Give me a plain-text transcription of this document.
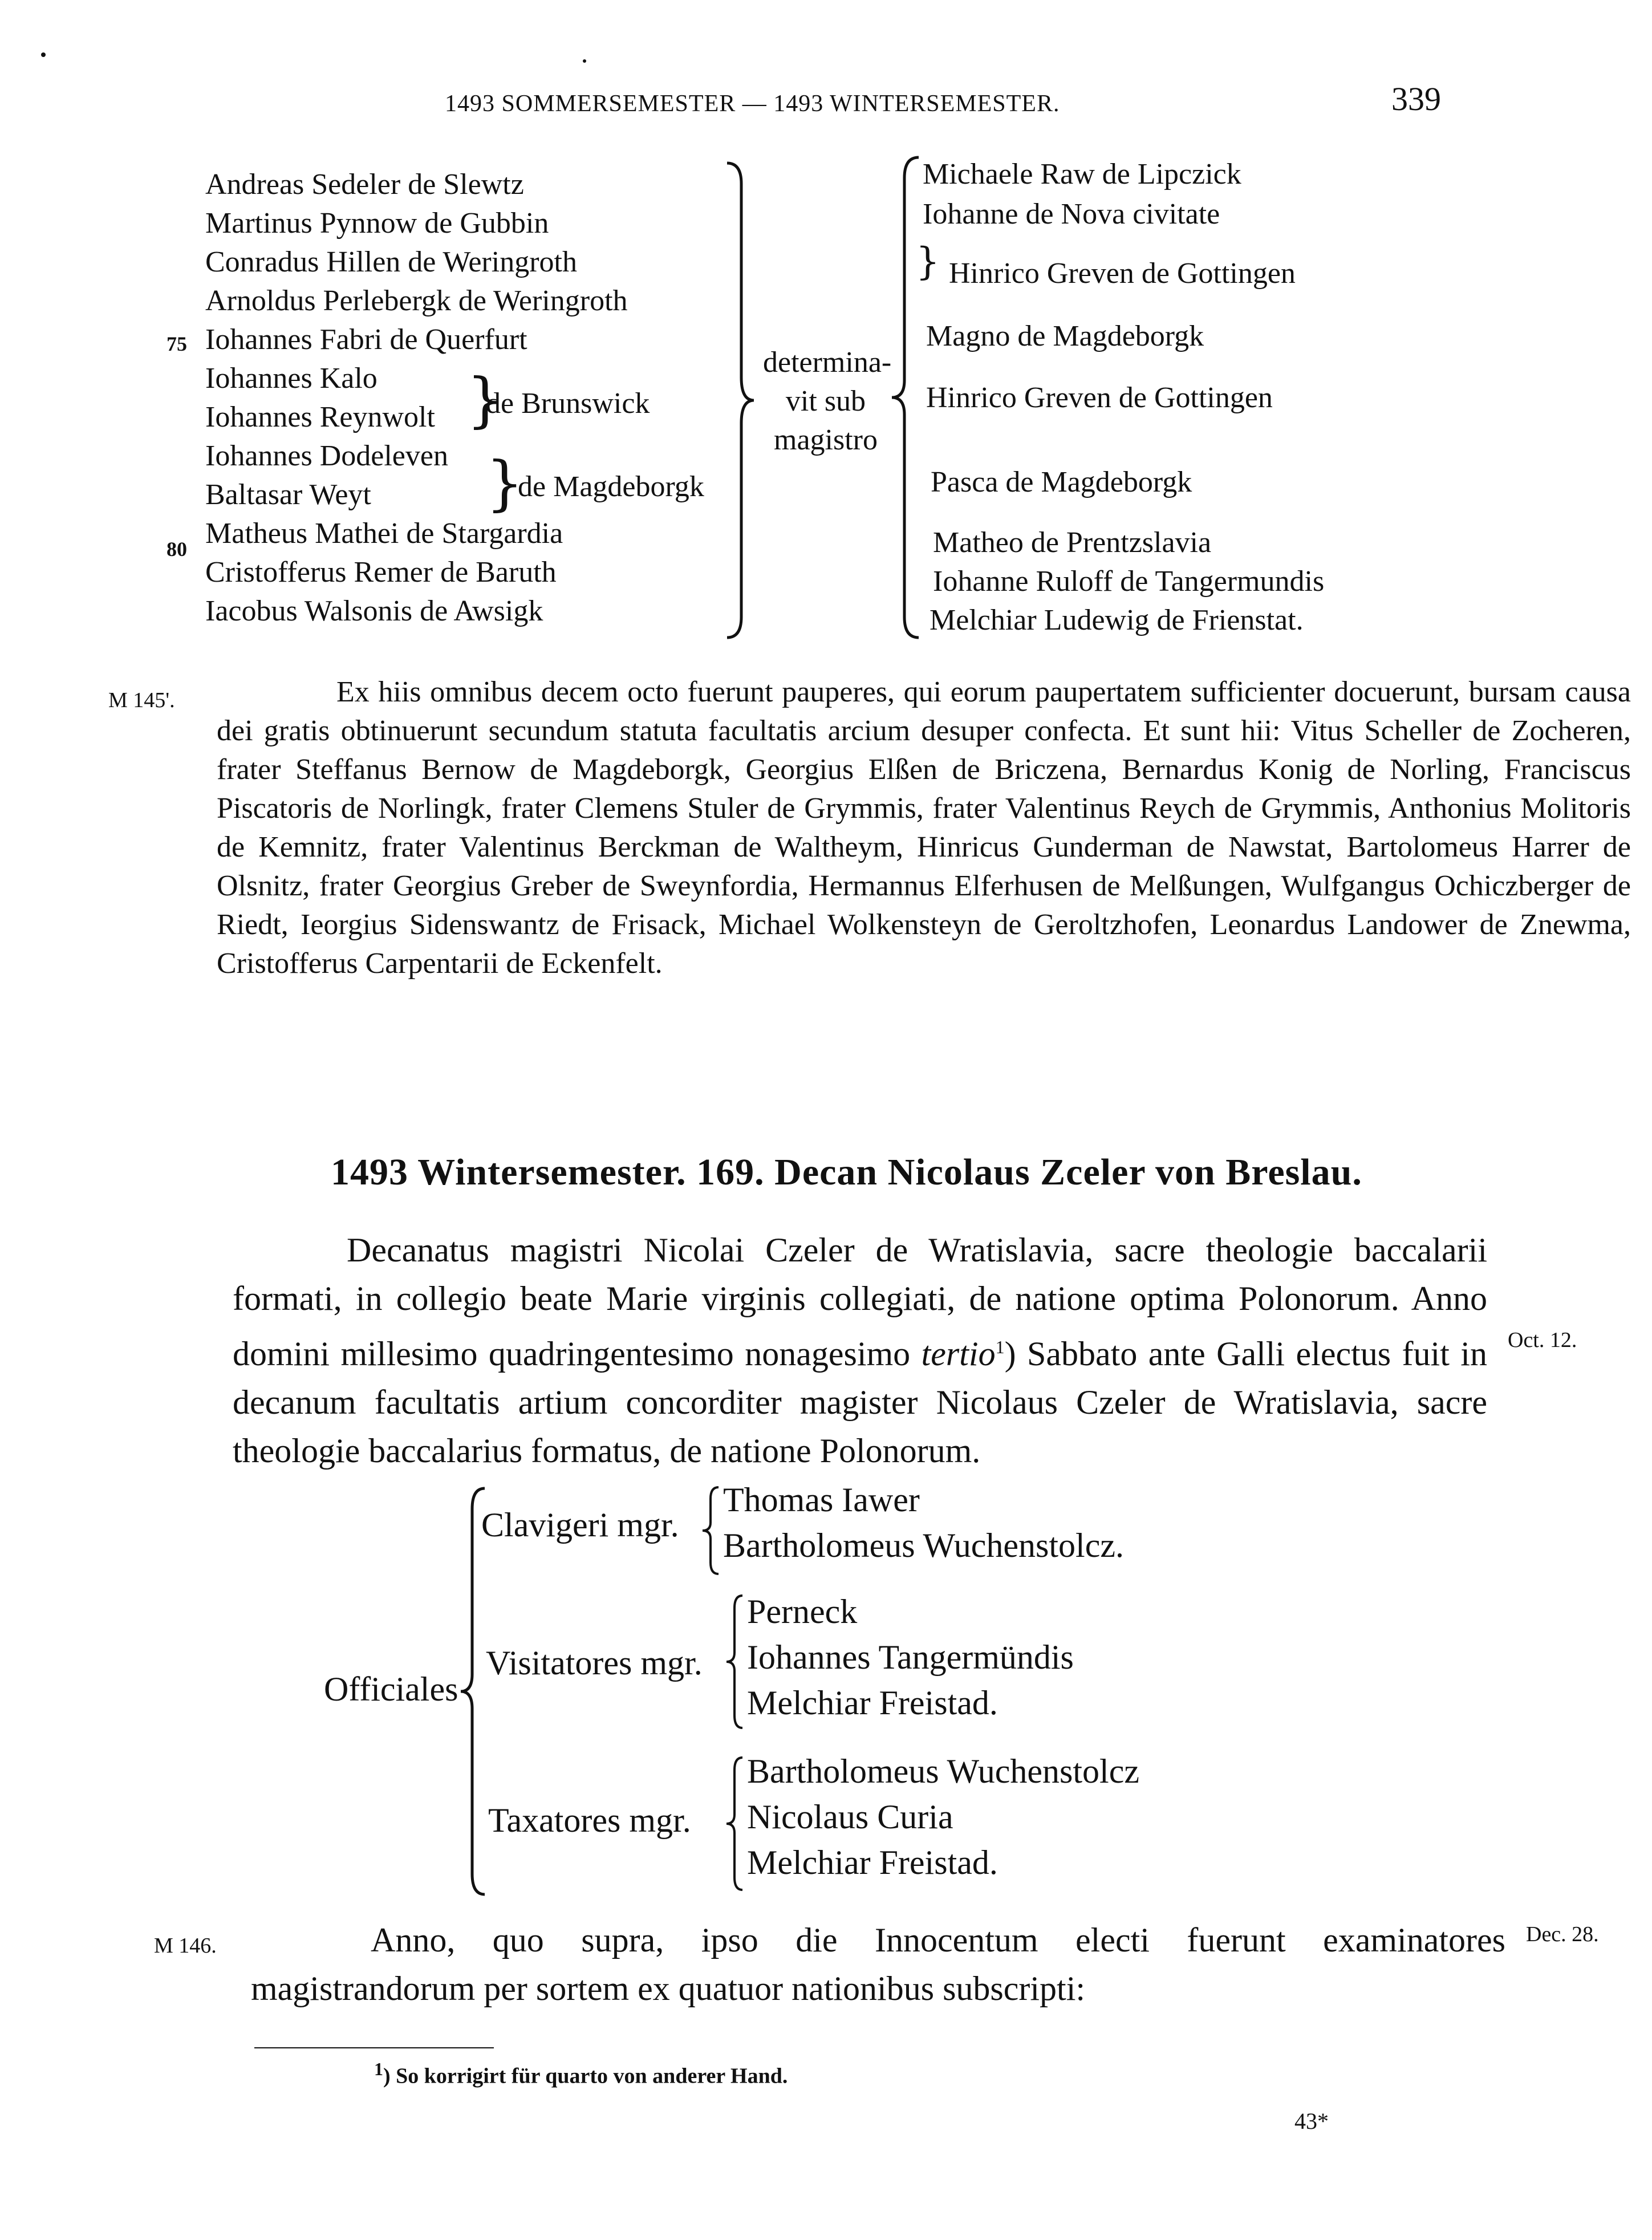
1493 SOMMERSEMESTER — 1493 WINTERSEMESTER.	339
Andreas Sedeler de Slewtz
Martinus Pynnow de Gubbin
Conradus Hillen de Weringroth
Arnoldus Perlebergk de Weringroth
Iohannes Fabri de Querfurt
Iohannes Kalo
Iohannes Reynwolt
Iohannes Dodeleven
Baltasar Weyt
Matheus Mathei de Stargardia
Cristofferus Remer de Baruth
Iacobus Walsonis de Awsigk
75
80
}
de Brunswick
}
de Magdeborgk
determina-
vit sub
magistro
Michaele Raw de Lipczick
Iohanne de Nova civitate
} Hinrico Greven de Gottingen
Magno de Magdeborgk
Hinrico Greven de Gottingen
Pasca de Magdeborgk
Matheo de Prentzslavia
Iohanne Ruloff de Tangermundis
Melchiar Ludewig de Frienstat.
M 145'.	Ex hiis omnibus decem octo fuerunt pauperes, qui eorum paupertatem sufficienter docuerunt, bursam causa dei gratis obtinuerunt secundum statuta facultatis arcium desuper confecta. Et sunt hii: Vitus Scheller de Zocheren, frater Steffanus Bernow de Magdeborgk, Georgius Elßen de Briczena, Bernardus Konig de Norling, Franciscus Piscatoris de Norlingk, frater Clemens Stuler de Grymmis, frater Valentinus Reych de Grymmis, Anthonius Molitoris de Kemnitz, frater Valentinus Berckman de Waltheym, Hinricus Gunderman de Nawstat, Bartolomeus Harrer de Olsnitz, frater Georgius Greber de Sweynfordia, Hermannus Elferhusen de Melßungen, Wulfgangus Ochiczberger de Riedt, Ieorgius Sidenswantz de Frisack, Michael Wolkensteyn de Geroltzhofen, Leonardus Landower de Znewma, Cristofferus Carpentarii de Eckenfelt.
1493 Wintersemester. 169. Decan Nicolaus Zceler von Breslau.
Decanatus magistri Nicolai Czeler de Wratislavia, sacre theologie baccalarii formati, in collegio beate Marie virginis collegiati, de natione optima Polonorum. Anno domini millesimo quadringentesimo nonagesimo tertio$^1$) Sabbato ante Galli electus fuit in decanum facultatis artium concorditer magister Nicolaus Czeler de Wratislavia, sacre theologie baccalarius formatus, de natione Polonorum.
Oct. 12.
Officiales
Clavigeri mgr.
Thomas Iawer
Bartholomeus Wuchenstolcz.
Visitatores mgr.
Perneck
Iohannes Tangermündis
Melchiar Freistad.
Taxatores mgr.
Bartholomeus Wuchenstolcz
Nicolaus Curia
Melchiar Freistad.
M 146.	Dec. 28.
Anno, quo supra, ipso die Innocentum electi fuerunt examinatores magistrandorum per sortem ex quatuor nationibus subscripti:
$^1$) So korrigirt für quarto von anderer Hand.
43*
